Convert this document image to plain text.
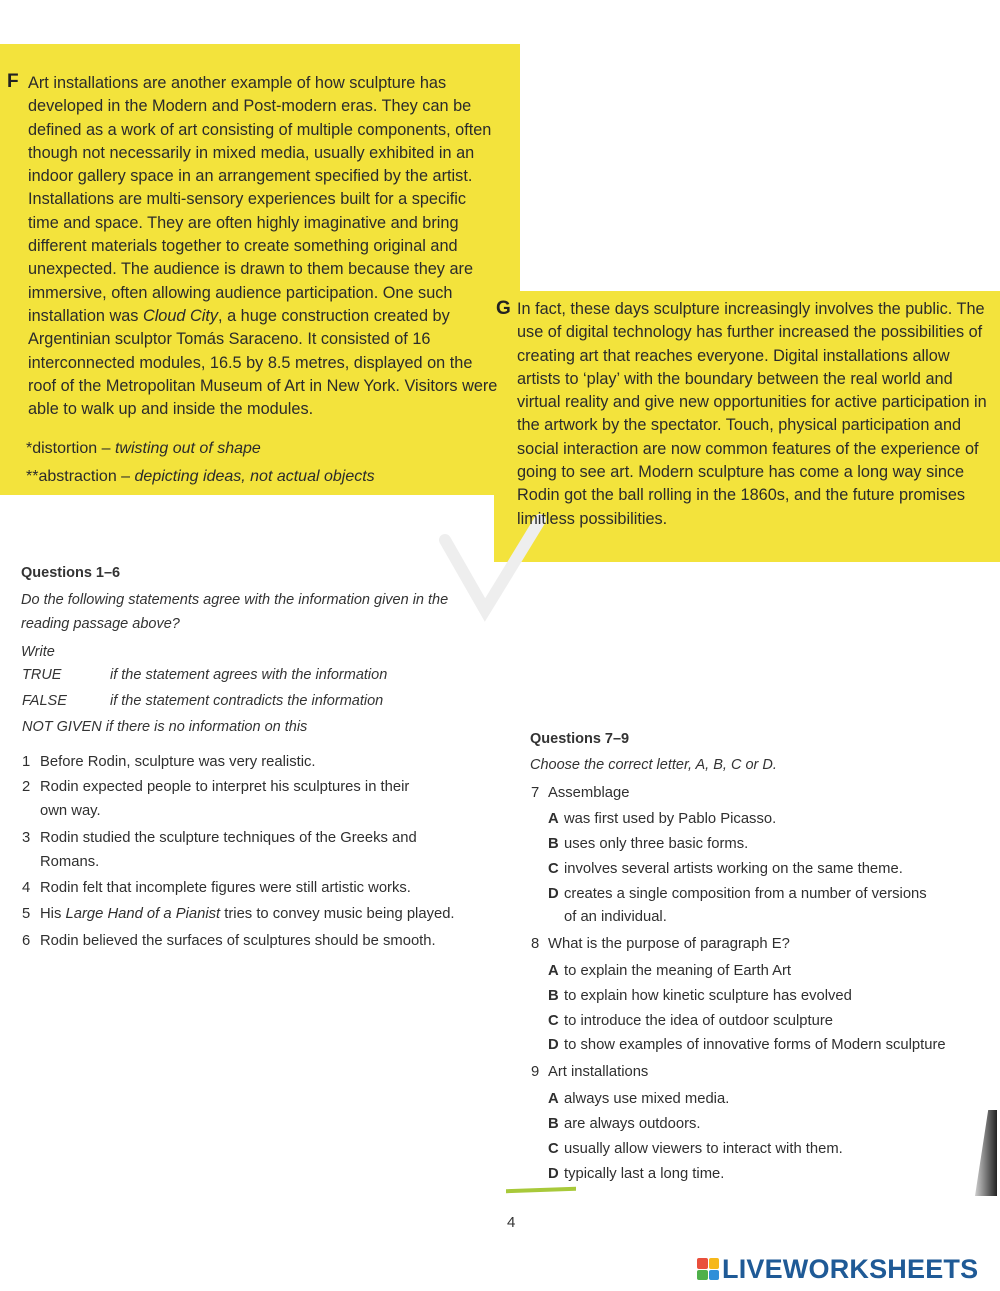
F Art installations are another example of how sculpture has developed in the Modern and Post-modern eras. They can be defined as a work of art consisting of multiple components, often though not necessarily in mixed media, usually exhibited in an indoor gallery space in an arrangement specified by the artist. Installations are multi-sensory experiences built for a specific time and space. They are often highly imaginative and bring different materials together to create something original and unexpected. The audience is drawn to them because they are immersive, often allowing audience participation. One such installation was Cloud City, a huge construction created by Argentinian sculptor Tomás Saraceno. It consisted of 16 interconnected modules, 16.5 by 8.5 metres, displayed on the roof of the Metropolitan Museum of Art in New York. Visitors were able to walk up and inside the modules.
*distortion – twisting out of shape
**abstraction – depicting ideas, not actual objects
G In fact, these days sculpture increasingly involves the public. The use of digital technology has further increased the possibilities of creating art that reaches everyone. Digital installations allow artists to ‘play’ with the boundary between the real world and virtual reality and give new opportunities for active participation in the artwork by the spectator. Touch, physical participation and social interaction are now common features of the experience of going to see art. Modern sculpture has come a long way since Rodin got the ball rolling in the 1860s, and the future promises limitless possibilities.
Questions 1–6
Do the following statements agree with the information given in the reading passage above?
Write
TRUE	if the statement agrees with the information
FALSE	if the statement contradicts the information
NOT GIVEN if there is no information on this
1 Before Rodin, sculpture was very realistic.
2 Rodin expected people to interpret his sculptures in their
own way.
3 Rodin studied the sculpture techniques of the Greeks and
Romans.
4 Rodin felt that incomplete figures were still artistic works.
5 His Large Hand of a Pianist tries to convey music being played.
6 Rodin believed the surfaces of sculptures should be smooth.
Questions 7–9
Choose the correct letter, A, B, C or D.
7 Assemblage
A was first used by Pablo Picasso.
B uses only three basic forms.
C involves several artists working on the same theme.
D creates a single composition from a number of versions
of an individual.
8 What is the purpose of paragraph E?
A to explain the meaning of Earth Art
B to explain how kinetic sculpture has evolved
C to introduce the idea of outdoor sculpture
D to show examples of innovative forms of Modern sculpture
9 Art installations
A always use mixed media.
B are always outdoors.
C usually allow viewers to interact with them.
D typically last a long time.
4
LIVEWORKSHEETS
